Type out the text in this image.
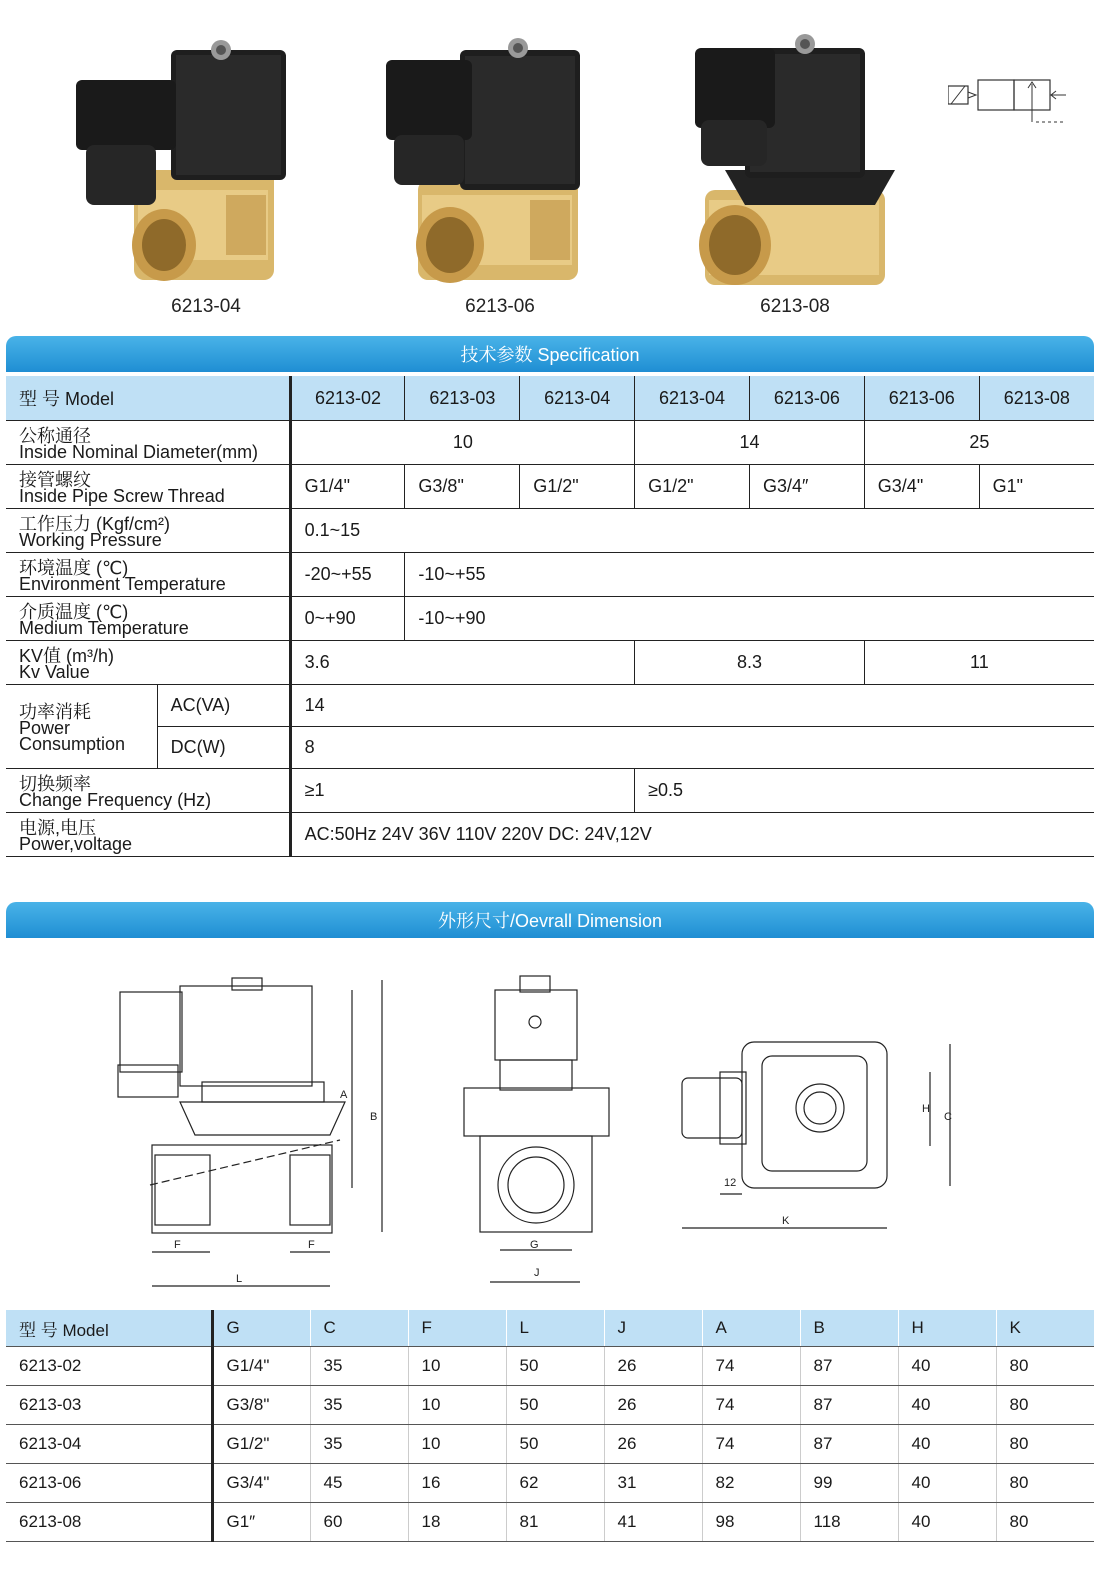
6213-04	6213-06	6213-08
技术参数 Specification
型 号 Model		6213-02	6213-03	6213-04	6213-04	6213-06	6213-06	6213-08

公称通径
Inside Nominal Diameter(mm)		10			14		25	

接管螺纹
Inside Pipe Screw Thread		G1/4"	G3/8"	G1/2"	G1/2"	G3/4″	G3/4"	G1"

工作压力 (Kgf/cm²)
Working Pressure		0.1~15						

环境温度 (℃)
Environment Temperature		-20~+55	-10~+55					

介质温度 (℃)
Medium Temperature		0~+90	-10~+90					

KV值 (m³/h)
Kv Value		3.6			8.3		11	

功率消耗
Power
Consumption	AC(VA)	14						
	DC(W)	8						

切换频率
Change Frequency (Hz)		≥1			≥0.5			

电源,电压
Power,voltage		AC:50Hz 24V 36V 110V 220V DC: 24V,12V						
外形尺寸/Oevrall Dimension
A
B
F	F
L
G
J
H
C
K
12
型 号 Model	G	C	F	L	J	A	B	H	K
6213-02	G1/4"	35	10	50	26	74	87	40	80
6213-03	G3/8"	35	10	50	26	74	87	40	80
6213-04	G1/2"	35	10	50	26	74	87	40	80
6213-06	G3/4"	45	16	62	31	82	99	40	80
6213-08	G1″	60	18	81	41	98	118	40	80
